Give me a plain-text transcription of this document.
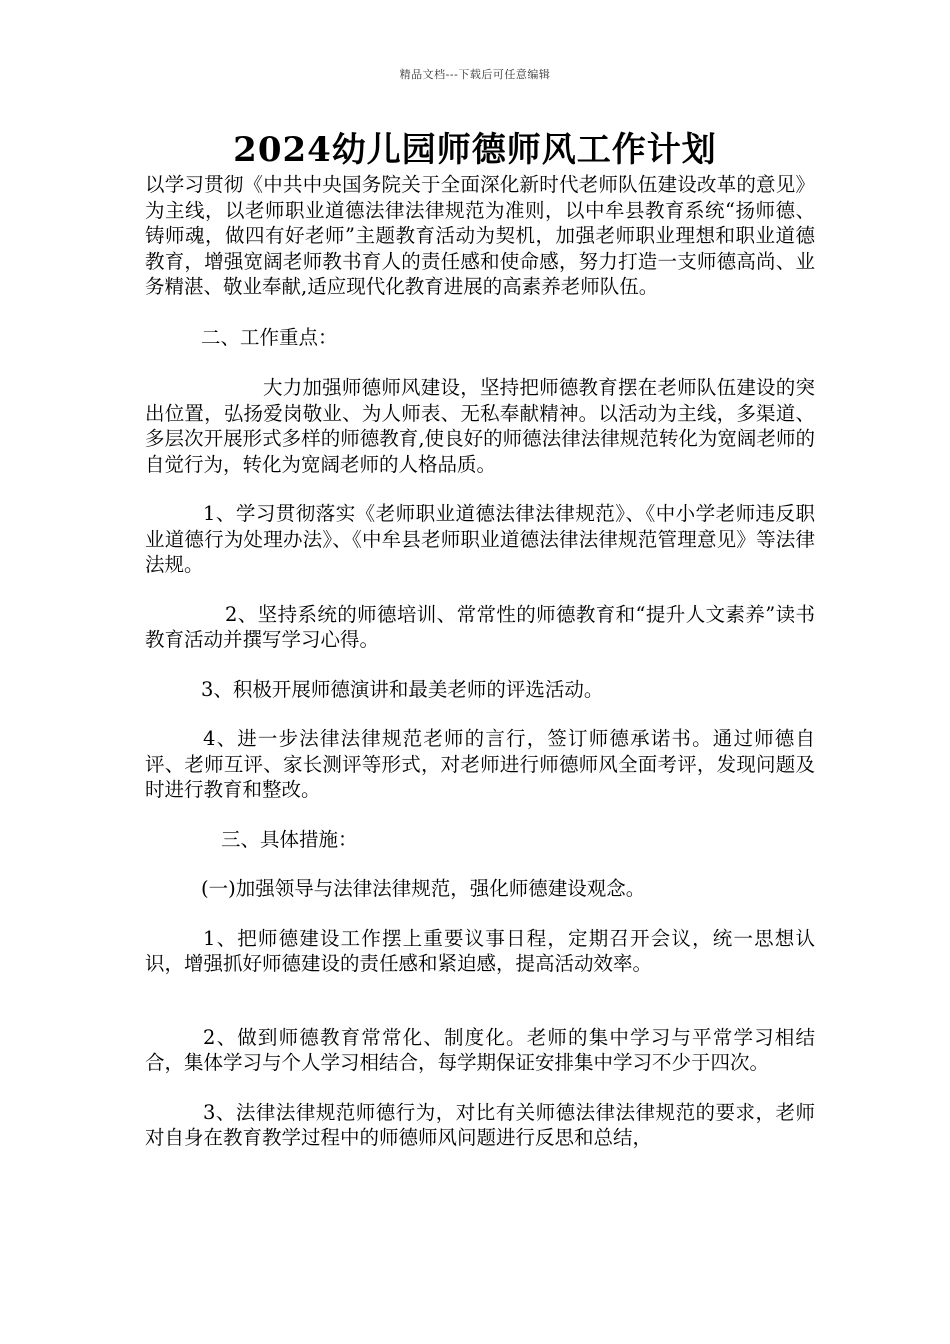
精品文档---下载后可任意编辑
2024幼儿园师德师风工作计划

以学习贯彻《中共中央国务院关于全面深化新时代老师队伍建设改革的意见》为主线，以老师职业道德法律法律规范为准则，以中牟县教育系统“扬师德、铸师魂，做四有好老师”主题教育活动为契机，加强老师职业理想和职业道德教育，增强宽阔老师教书育人的责任感和使命感，努力打造一支师德高尚、业务精湛、敬业奉献,适应现代化教育进展的高素养老师队伍。

二、工作重点：

大力加强师德师风建设，坚持把师德教育摆在老师队伍建设的突出位置，弘扬爱岗敬业、为人师表、无私奉献精神。以活动为主线，多渠道、多层次开展形式多样的师德教育,使良好的师德法律法律规范转化为宽阔老师的自觉行为，转化为宽阔老师的人格品质。

1、学习贯彻落实《老师职业道德法律法律规范》、《中小学老师违反职业道德行为处理办法》、《中牟县老师职业道德法律法律规范管理意见》等法律法规。

2、坚持系统的师德培训、常常性的师德教育和“提升人文素养”读书教育活动并撰写学习心得。

3、积极开展师德演讲和最美老师的评选活动。

4、进一步法律法律规范老师的言行，签订师德承诺书。通过师德自评、老师互评、家长测评等形式，对老师进行师德师风全面考评，发现问题及时进行教育和整改。

三、具体措施：

(一)加强领导与法律法律规范，强化师德建设观念。

1、把师德建设工作摆上重要议事日程，定期召开会议，统一思想认识，增强抓好师德建设的责任感和紧迫感，提高活动效率。

2、做到师德教育常常化、制度化。老师的集中学习与平常学习相结合，集体学习与个人学习相结合，每学期保证安排集中学习不少于四次。

3、法律法律规范师德行为，对比有关师德法律法律规范的要求，老师对自身在教育教学过程中的师德师风问题进行反思和总结，
